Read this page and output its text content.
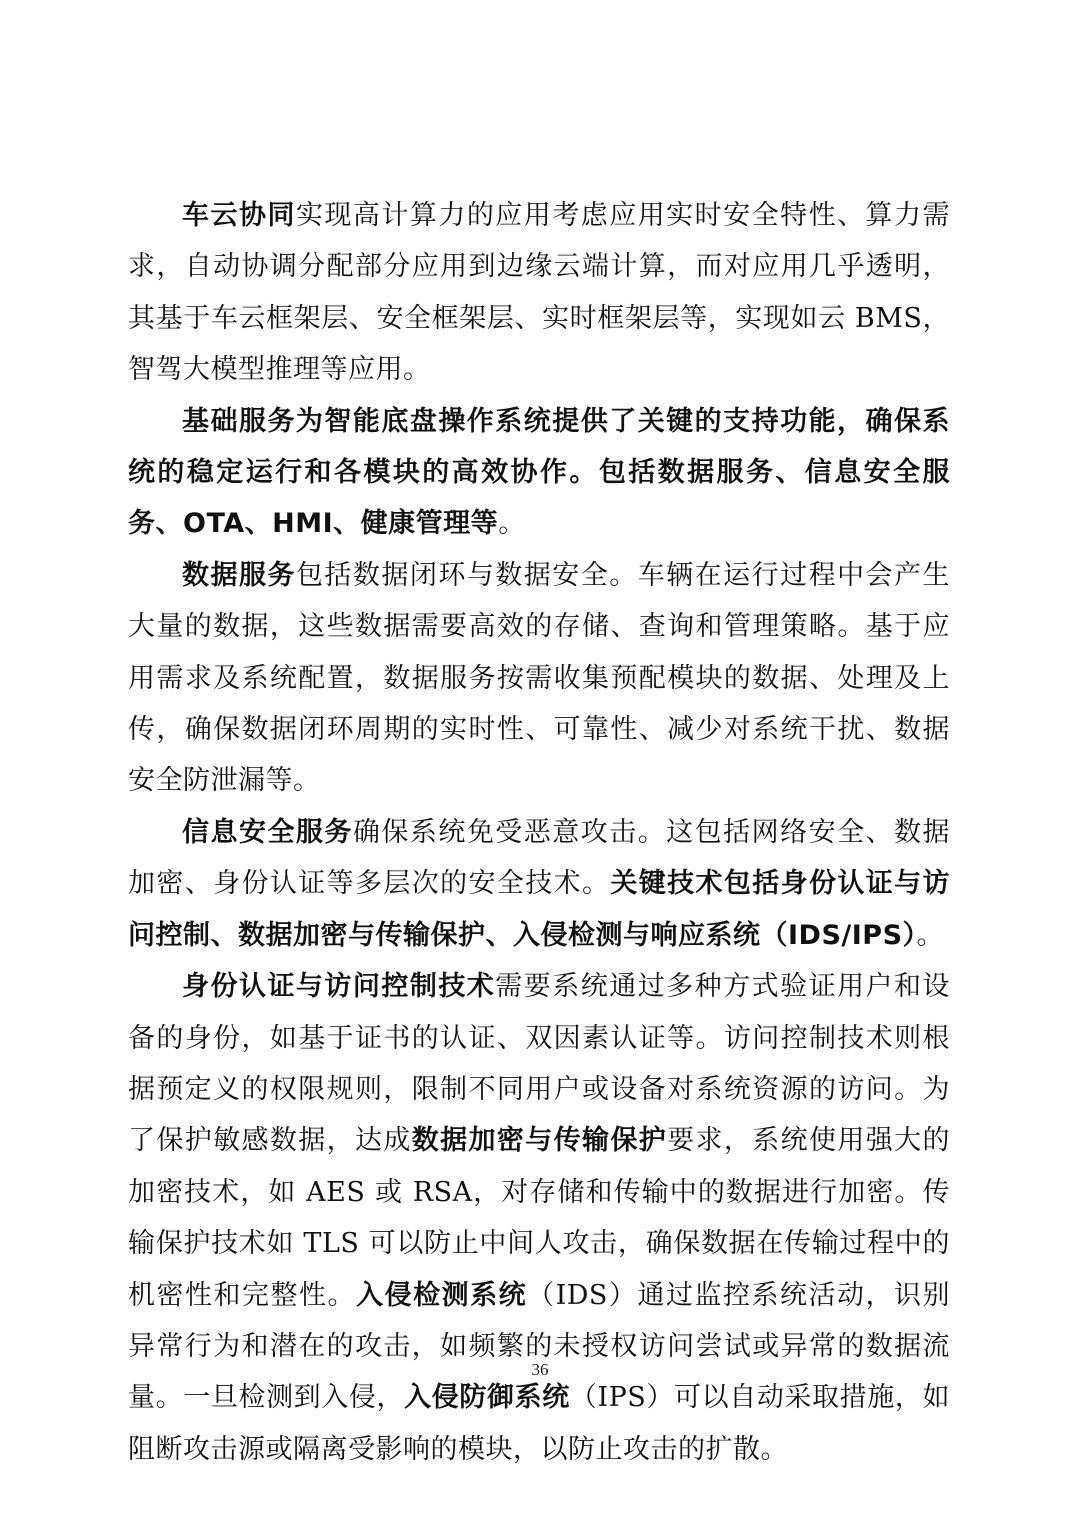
车云协同实现高计算力的应用考虑应用实时安全特性、算力需求，自动协调分配部分应用到边缘云端计算，而对应用几乎透明，其基于车云框架层、安全框架层、实时框架层等，实现如云 BMS，智驾大模型推理等应用。

基础服务为智能底盘操作系统提供了关键的支持功能，确保系统的稳定运行和各模块的高效协作。包括数据服务、信息安全服务、OTA、HMI、健康管理等。

数据服务包括数据闭环与数据安全。车辆在运行过程中会产生大量的数据，这些数据需要高效的存储、查询和管理策略。基于应用需求及系统配置，数据服务按需收集预配模块的数据、处理及上传，确保数据闭环周期的实时性、可靠性、减少对系统干扰、数据安全防泄漏等。

信息安全服务确保系统免受恶意攻击。这包括网络安全、数据加密、身份认证等多层次的安全技术。关键技术包括身份认证与访问控制、数据加密与传输保护、入侵检测与响应系统（IDS/IPS）。

身份认证与访问控制技术需要系统通过多种方式验证用户和设备的身份，如基于证书的认证、双因素认证等。访问控制技术则根据预定义的权限规则，限制不同用户或设备对系统资源的访问。为了保护敏感数据，达成数据加密与传输保护要求，系统使用强大的加密技术，如 AES 或 RSA，对存储和传输中的数据进行加密。传输保护技术如 TLS 可以防止中间人攻击，确保数据在传输过程中的机密性和完整性。入侵检测系统（IDS）通过监控系统活动，识别异常行为和潜在的攻击，如频繁的未授权访问尝试或异常的数据流量。一旦检测到入侵，入侵防御系统（IPS）可以自动采取措施，如阻断攻击源或隔离受影响的模块，以防止攻击的扩散。

36
